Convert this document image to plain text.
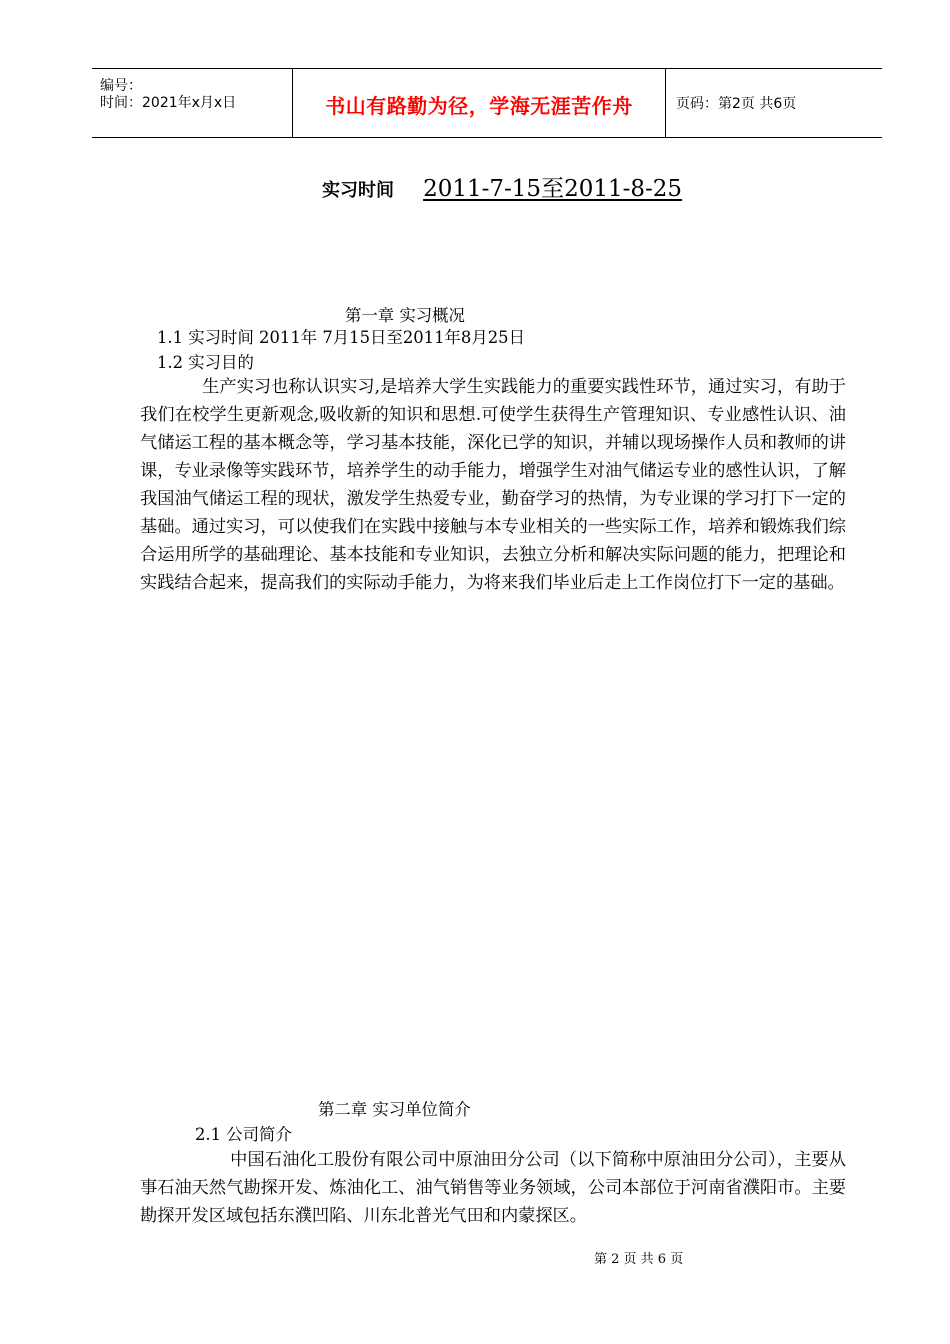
编号：
时间：2021年x月x日	书山有路勤为径，学海无涯苦作舟	页码：第2页 共6页
实习时间 2011-7-15至2011-8-25
第一章 实习概况
1.1 实习时间 2011年 7月15日至2011年8月25日
1.2 实习目的
生产实习也称认识实习,是培养大学生实践能力的重要实践性环节，通过实习，有助于我们在校学生更新观念,吸收新的知识和思想.可使学生获得生产管理知识、专业感性认识、油气储运工程的基本概念等，学习基本技能，深化已学的知识，并辅以现场操作人员和教师的讲课，专业录像等实践环节，培养学生的动手能力，增强学生对油气储运专业的感性认识，了解我国油气储运工程的现状，激发学生热爱专业，勤奋学习的热情，为专业课的学习打下一定的基础。通过实习，可以使我们在实践中接触与本专业相关的一些实际工作，培养和锻炼我们综合运用所学的基础理论、基本技能和专业知识，去独立分析和解决实际问题的能力，把理论和实践结合起来，提高我们的实际动手能力，为将来我们毕业后走上工作岗位打下一定的基础。
第二章 实习单位简介
2.1 公司简介
中国石油化工股份有限公司中原油田分公司（以下简称中原油田分公司），主要从事石油天然气勘探开发、炼油化工、油气销售等业务领域，公司本部位于河南省濮阳市。主要勘探开发区域包括东濮凹陷、川东北普光气田和内蒙探区。
第 2 页 共 6 页
